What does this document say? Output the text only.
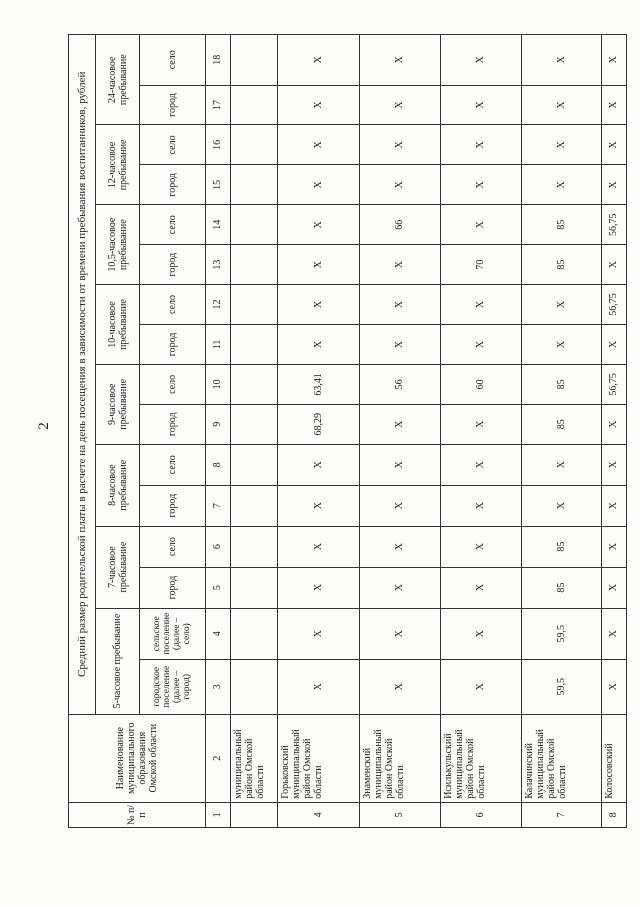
2
№ п/п	Наименование муниципального образования Омской области	Средний размер родительской платы в расчете на день посещения в зависимости от времени пребывания воспитанников, рублей															
		5-часовое пребывание		7-часовое пребывание		8-часовое пребывание		9-часовое пребывание		10-часовое пребывание		10,5-часовое пребывание		12-часовое пребывание		24-часовое пребывание	
		городское поселение (далее – город)	сельское поселение (далее – село)	город	село	город	село	город	село	город	село	город	село	город	село	город	село
1	2	3	4	5	6	7	8	9	10	11	12	13	14	15	16	17	18
	муниципальный район Омской области																
4	Горьковский муниципальный район Омской области	Х	Х	Х	Х	Х	Х	68,29	63,41	Х	Х	Х	Х	Х	Х	Х	Х
5	Знаменский муниципальный район Омской области	Х	Х	Х	Х	Х	Х	Х	56	Х	Х	Х	66	Х	Х	Х	Х
6	Исилькульский муниципальный район Омской области	Х	Х	Х	Х	Х	Х	Х	60	Х	Х	70	Х	Х	Х	Х	Х
7	Калачинский муниципальный район Омской области	59,5	59,5	85	85	Х	Х	85	85	Х	Х	85	85	Х	Х	Х	Х
8	Колосовский	Х	Х	Х	Х	Х	Х	Х	56,75	Х	56,75	Х	56,75	Х	Х	Х	Х
